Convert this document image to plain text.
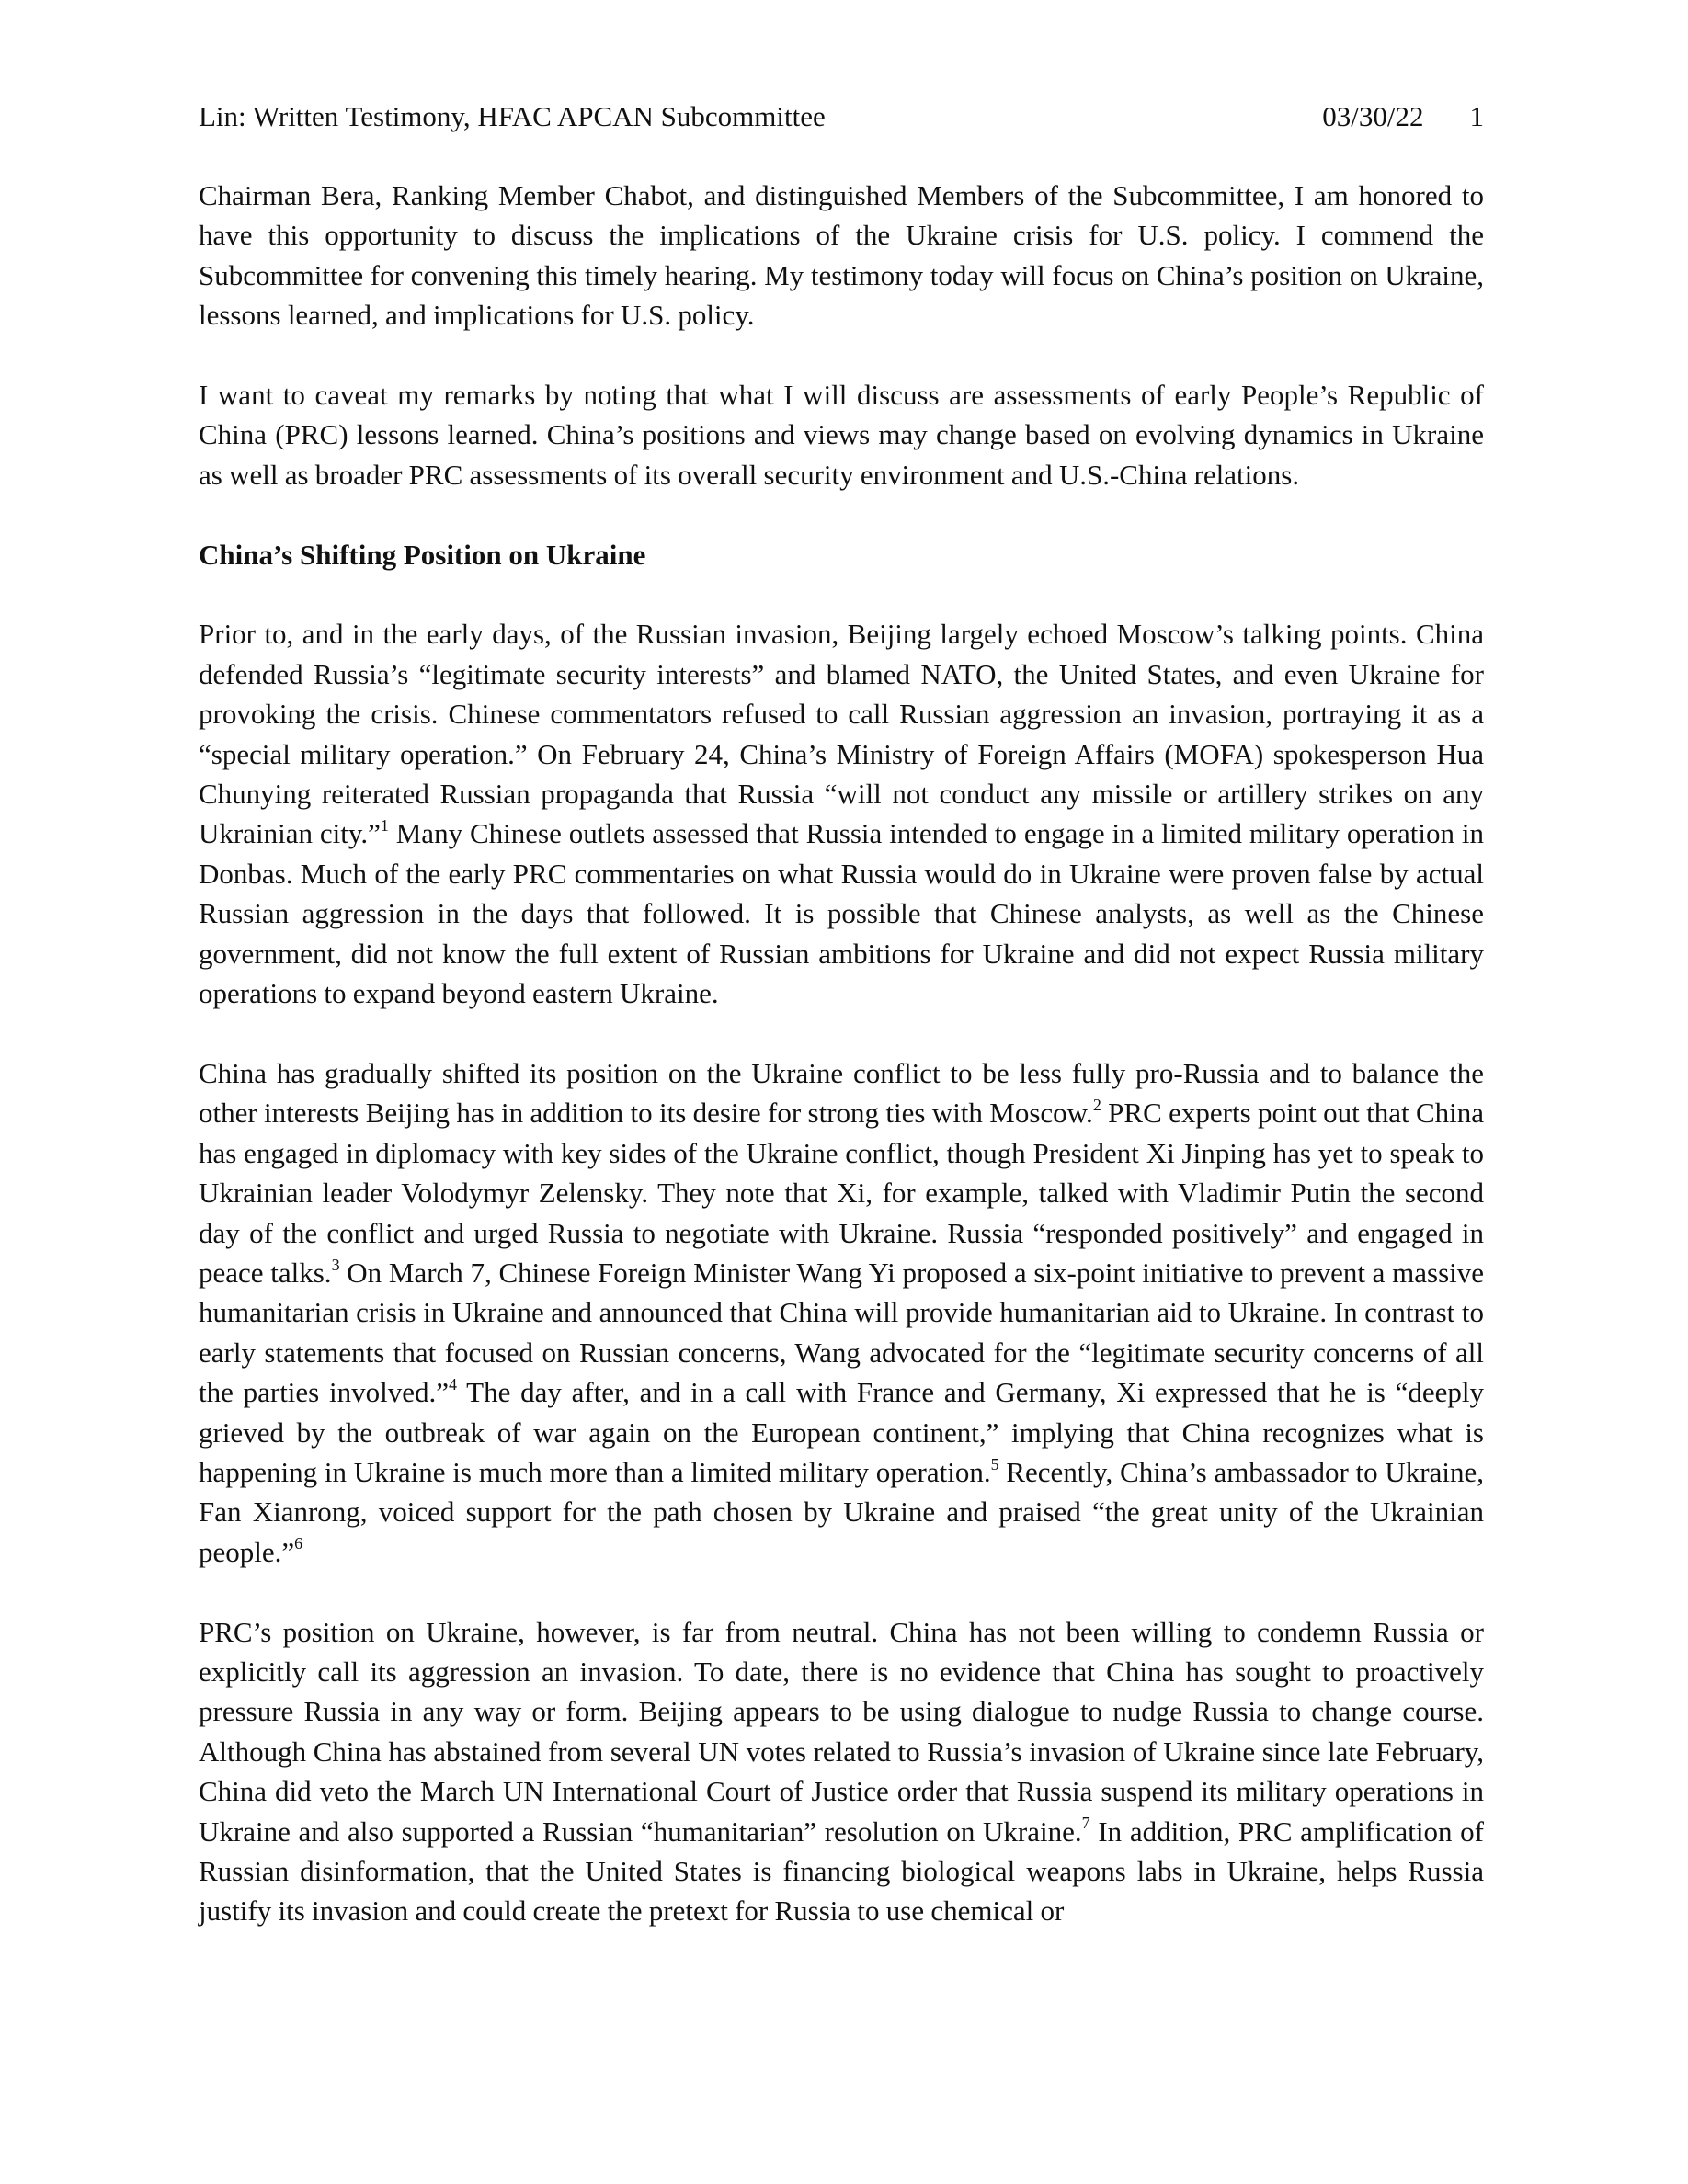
Lin: Written Testimony, HFAC APCAN Subcommittee	03/30/22 1

Chairman Bera, Ranking Member Chabot, and distinguished Members of the Subcommittee, I am honored to have this opportunity to discuss the implications of the Ukraine crisis for U.S. policy. I commend the Subcommittee for convening this timely hearing. My testimony today will focus on China’s position on Ukraine, lessons learned, and implications for U.S. policy.

I want to caveat my remarks by noting that what I will discuss are assessments of early People’s Republic of China (PRC) lessons learned. China’s positions and views may change based on evolving dynamics in Ukraine as well as broader PRC assessments of its overall security environment and U.S.-China relations.

China’s Shifting Position on Ukraine

Prior to, and in the early days, of the Russian invasion, Beijing largely echoed Moscow’s talking points. China defended Russia’s “legitimate security interests” and blamed NATO, the United States, and even Ukraine for provoking the crisis. Chinese commentators refused to call Russian aggression an invasion, portraying it as a “special military operation.” On February 24, China’s Ministry of Foreign Affairs (MOFA) spokesperson Hua Chunying reiterated Russian propaganda that Russia “will not conduct any missile or artillery strikes on any Ukrainian city.”$^1$ Many Chinese outlets assessed that Russia intended to engage in a limited military operation in Donbas. Much of the early PRC commentaries on what Russia would do in Ukraine were proven false by actual Russian aggression in the days that followed. It is possible that Chinese analysts, as well as the Chinese government, did not know the full extent of Russian ambitions for Ukraine and did not expect Russia military operations to expand beyond eastern Ukraine.

China has gradually shifted its position on the Ukraine conflict to be less fully pro-Russia and to balance the other interests Beijing has in addition to its desire for strong ties with Moscow.$^2$ PRC experts point out that China has engaged in diplomacy with key sides of the Ukraine conflict, though President Xi Jinping has yet to speak to Ukrainian leader Volodymyr Zelensky. They note that Xi, for example, talked with Vladimir Putin the second day of the conflict and urged Russia to negotiate with Ukraine. Russia “responded positively” and engaged in peace talks.$^3$ On March 7, Chinese Foreign Minister Wang Yi proposed a six-point initiative to prevent a massive humanitarian crisis in Ukraine and announced that China will provide humanitarian aid to Ukraine. In contrast to early statements that focused on Russian concerns, Wang advocated for the “legitimate security concerns of all the parties involved.”$^4$ The day after, and in a call with France and Germany, Xi expressed that he is “deeply grieved by the outbreak of war again on the European continent,” implying that China recognizes what is happening in Ukraine is much more than a limited military operation.$^5$ Recently, China’s ambassador to Ukraine, Fan Xianrong, voiced support for the path chosen by Ukraine and praised “the great unity of the Ukrainian people.”$^6$

PRC’s position on Ukraine, however, is far from neutral. China has not been willing to condemn Russia or explicitly call its aggression an invasion. To date, there is no evidence that China has sought to proactively pressure Russia in any way or form. Beijing appears to be using dialogue to nudge Russia to change course. Although China has abstained from several UN votes related to Russia’s invasion of Ukraine since late February, China did veto the March UN International Court of Justice order that Russia suspend its military operations in Ukraine and also supported a Russian “humanitarian” resolution on Ukraine.$^7$ In addition, PRC amplification of Russian disinformation, that the United States is financing biological weapons labs in Ukraine, helps Russia justify its invasion and could create the pretext for Russia to use chemical or
